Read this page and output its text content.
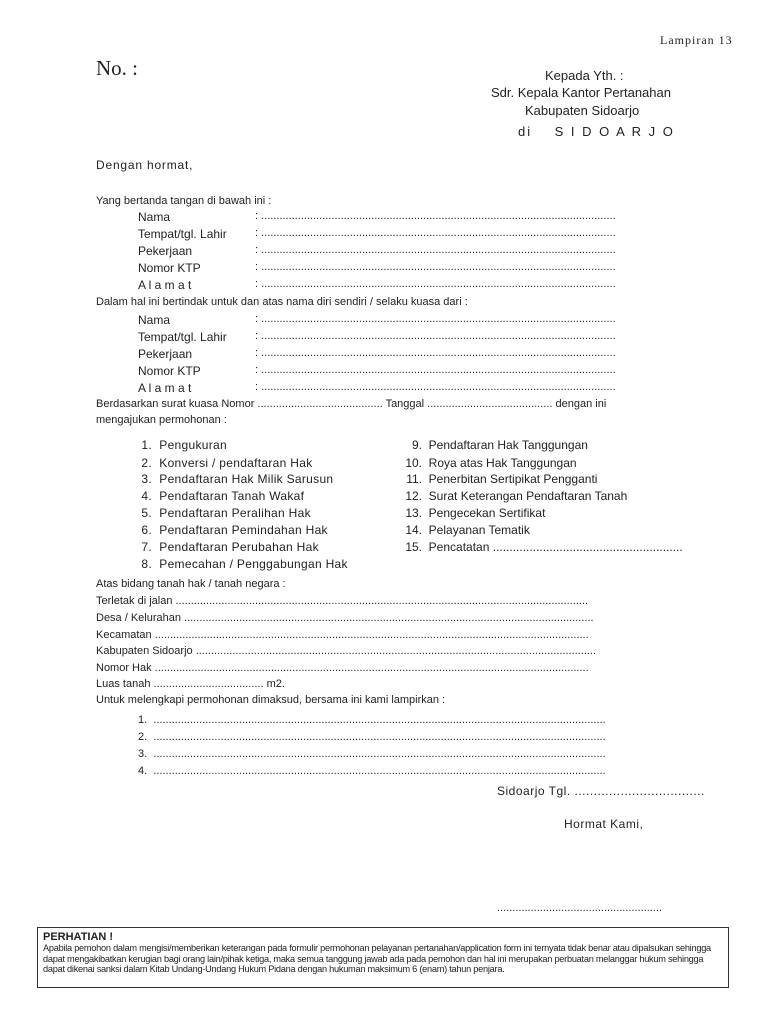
Lampiran 13
No. :	Kepada Yth. :
Sdr. Kepala Kantor Pertanahan
Kabupaten Sidoarjo
di    S I D O A R J O
Dengan hormat,
Yang bertanda tangan di bawah ini :
Nama	: ....................................................................................................................
Tempat/tgl. Lahir	: ....................................................................................................................
Pekerjaan	: ....................................................................................................................
Nomor KTP	: ....................................................................................................................
A l a m a t	: ....................................................................................................................
Dalam hal ini bertindak untuk dan atas nama diri sendiri / selaku kuasa dari :
Nama	: ....................................................................................................................
Tempat/tgl. Lahir	: ....................................................................................................................
Pekerjaan	: ....................................................................................................................
Nomor KTP	: ....................................................................................................................
A l a m a t	: ....................................................................................................................
Berdasarkan surat kuasa Nomor ......................................... Tanggal ......................................... dengan ini
mengajukan permohonan :
1. Pengukuran
2. Konversi / pendaftaran Hak
3. Pendaftaran Hak Milik Sarusun
4. Pendaftaran Tanah Wakaf
5. Pendaftaran Peralihan Hak
6. Pendaftaran Pemindahan Hak
7. Pendaftaran Perubahan Hak
8. Pemecahan / Penggabungan Hak
9. Pendaftaran Hak Tanggungan
10. Roya atas Hak Tanggungan
11. Penerbitan Sertipikat Pengganti
12. Surat Keterangan Pendaftaran Tanah
13. Pengecekan Sertifikat
14. Pelayanan Tematik
15. Pencatatan .........................................................
Atas bidang tanah hak / tanah negara :
Terletak di jalan .......................................................................................................................................
Desa / Kelurahan ......................................................................................................................................
Kecamatan ..............................................................................................................................................
Kabupaten Sidoarjo ...................................................................................................................................
Nomor Hak ..............................................................................................................................................
Luas tanah .................................... m2.
Untuk melengkapi permohonan dimaksud, bersama ini kami lampirkan :
1. ....................................................................................................................................................
2. ....................................................................................................................................................
3. ....................................................................................................................................................
4. ....................................................................................................................................................
Sidoarjo Tgl. ..................................
Hormat Kami,
......................................................
PERHATIAN !
Apabila pemohon dalam mengisi/memberikan keterangan pada formulir permohonan pelayanan pertanahan/application form ini ternyata tidak benar atau dipalsukan sehingga dapat mengakibatkan kerugian bagi orang lain/pihak ketiga, maka semua tanggung jawab ada pada pemohon dan hal ini merupakan perbuatan melanggar hukum sehingga dapat dikenai sanksi dalam Kitab Undang-Undang Hukum Pidana dengan hukuman maksimum 6 (enam) tahun penjara.
